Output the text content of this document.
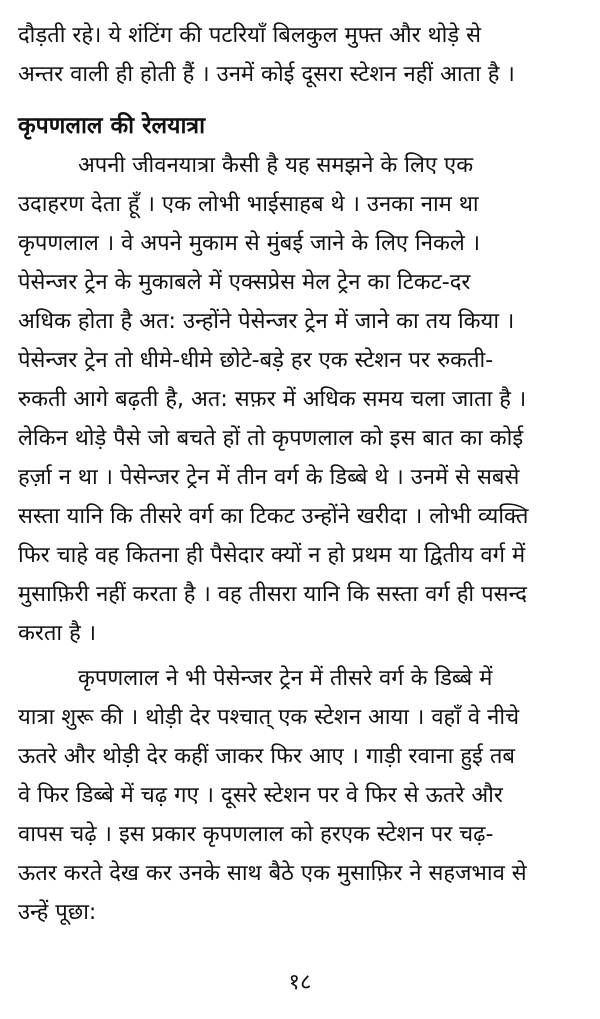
दौड़ती रहे। ये शंटिंग की पटरियाँ बिलकुल मुफ्त और थोड़े से
अन्तर वाली ही होती हैं । उनमें कोई दूसरा स्टेशन नहीं आता है ।
कृपणलाल की रेलयात्रा
अपनी जीवनयात्रा कैसी है यह समझने के लिए एक
उदाहरण देता हूँ । एक लोभी भाईसाहब थे । उनका नाम था
कृपणलाल । वे अपने मुकाम से मुंबई जाने के लिए निकले ।
पेसेन्जर ट्रेन के मुकाबले में एक्सप्रेस मेल ट्रेन का टिकट-दर
अधिक होता है अत: उन्होंने पेसेन्जर ट्रेन में जाने का तय किया ।
पेसेन्जर ट्रेन तो धीमे-धीमे छोटे-बड़े हर एक स्टेशन पर रुकती-
रुकती आगे बढ़ती है, अत: सफ़र में अधिक समय चला जाता है ।
लेकिन थोड़े पैसे जो बचते हों तो कृपणलाल को इस बात का कोई
हर्ज़ा न था । पेसेन्जर ट्रेन में तीन वर्ग के डिब्बे थे । उनमें से सबसे
सस्ता यानि कि तीसरे वर्ग का टिकट उन्होंने खरीदा । लोभी व्यक्ति
फिर चाहे वह कितना ही पैसेदार क्यों न हो प्रथम या द्वितीय वर्ग में
मुसाफ़िरी नहीं करता है । वह तीसरा यानि कि सस्ता वर्ग ही पसन्द
करता है ।
कृपणलाल ने भी पेसेन्जर ट्रेन में तीसरे वर्ग के डिब्बे में
यात्रा शुरू की । थोड़ी देर पश्चात् एक स्टेशन आया । वहाँ वे नीचे
ऊतरे और थोड़ी देर कहीं जाकर फिर आए । गाड़ी रवाना हुई तब
वे फिर डिब्बे में चढ़ गए । दूसरे स्टेशन पर वे फिर से ऊतरे और
वापस चढ़े । इस प्रकार कृपणलाल को हरएक स्टेशन पर चढ़-
ऊतर करते देख कर उनके साथ बैठे एक मुसाफ़िर ने सहजभाव से
उन्हें पूछा:
१८
